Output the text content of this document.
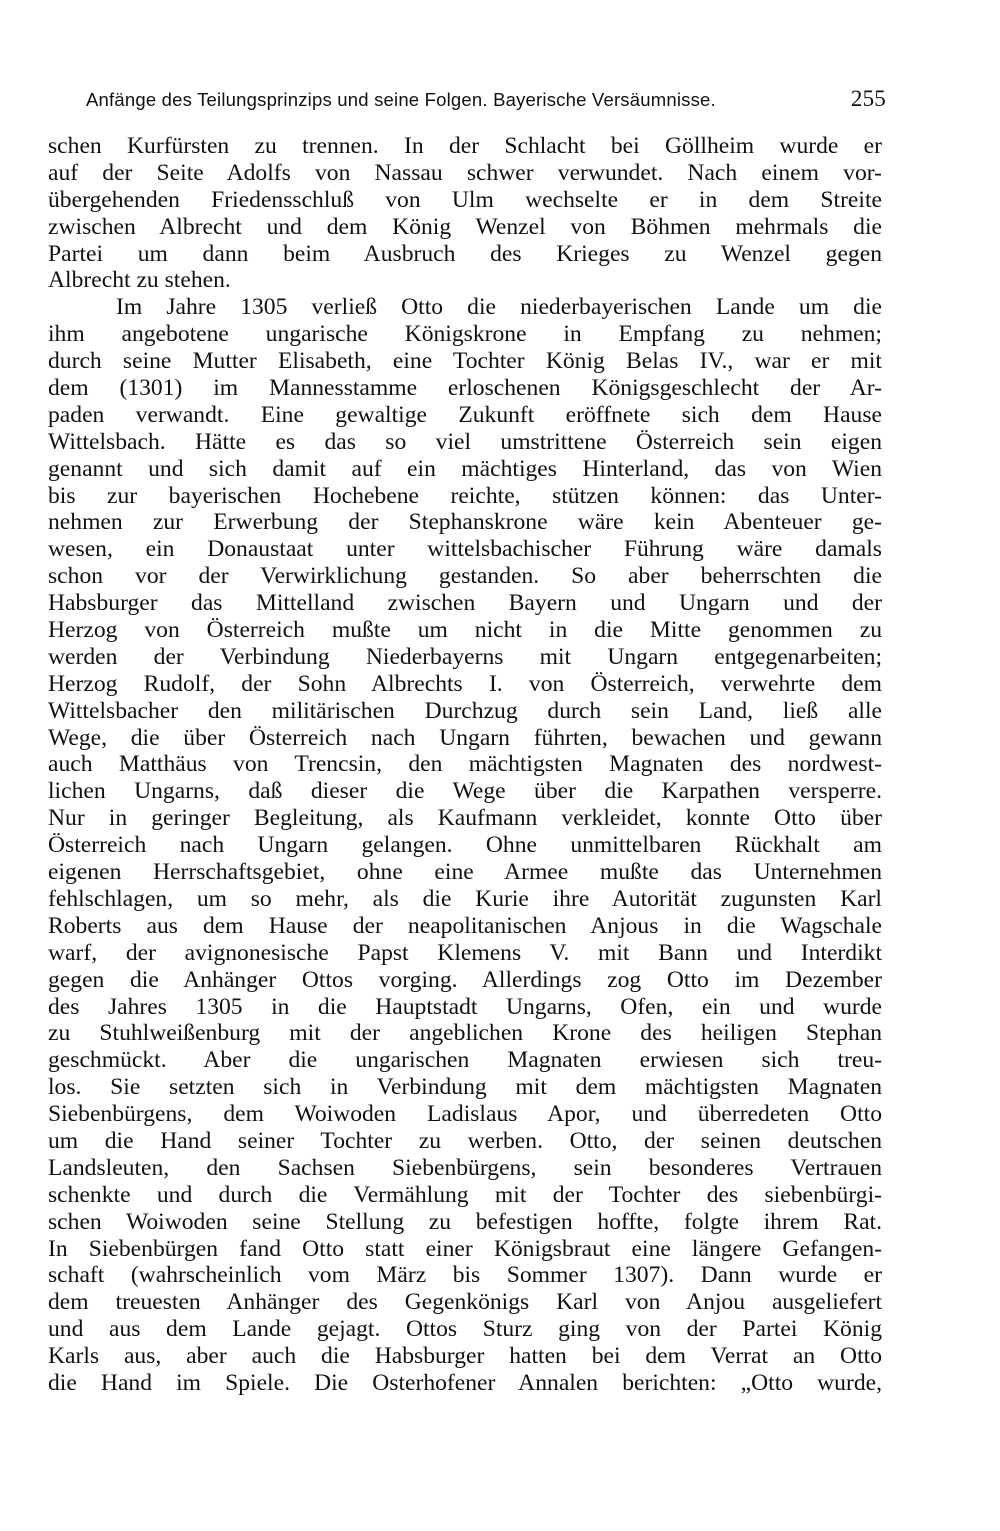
Anfänge des Teilungsprinzips und seine Folgen. Bayerische Versäumnisse.	255
schen Kurfürsten zu trennen. In der Schlacht bei Göllheim wurde er
auf der Seite Adolfs von Nassau schwer verwundet. Nach einem vor-
übergehenden Friedensschluß von Ulm wechselte er in dem Streite
zwischen Albrecht und dem König Wenzel von Böhmen mehrmals die
Partei um dann beim Ausbruch des Krieges zu Wenzel gegen
Albrecht zu stehen.
Im Jahre 1305 verließ Otto die niederbayerischen Lande um die
ihm angebotene ungarische Königskrone in Empfang zu nehmen;
durch seine Mutter Elisabeth, eine Tochter König Belas IV., war er mit
dem (1301) im Mannesstamme erloschenen Königsgeschlecht der Ar-
paden verwandt. Eine gewaltige Zukunft eröffnete sich dem Hause
Wittelsbach. Hätte es das so viel umstrittene Österreich sein eigen
genannt und sich damit auf ein mächtiges Hinterland, das von Wien
bis zur bayerischen Hochebene reichte, stützen können: das Unter-
nehmen zur Erwerbung der Stephanskrone wäre kein Abenteuer ge-
wesen, ein Donaustaat unter wittelsbachischer Führung wäre damals
schon vor der Verwirklichung gestanden. So aber beherrschten die
Habsburger das Mittelland zwischen Bayern und Ungarn und der
Herzog von Österreich mußte um nicht in die Mitte genommen zu
werden der Verbindung Niederbayerns mit Ungarn entgegenarbeiten;
Herzog Rudolf, der Sohn Albrechts I. von Österreich, verwehrte dem
Wittelsbacher den militärischen Durchzug durch sein Land, ließ alle
Wege, die über Österreich nach Ungarn führten, bewachen und gewann
auch Matthäus von Trencsin, den mächtigsten Magnaten des nordwest-
lichen Ungarns, daß dieser die Wege über die Karpathen versperre.
Nur in geringer Begleitung, als Kaufmann verkleidet, konnte Otto über
Österreich nach Ungarn gelangen. Ohne unmittelbaren Rückhalt am
eigenen Herrschaftsgebiet, ohne eine Armee mußte das Unternehmen
fehlschlagen, um so mehr, als die Kurie ihre Autorität zugunsten Karl
Roberts aus dem Hause der neapolitanischen Anjous in die Wagschale
warf, der avignonesische Papst Klemens V. mit Bann und Interdikt
gegen die Anhänger Ottos vorging. Allerdings zog Otto im Dezember
des Jahres 1305 in die Hauptstadt Ungarns, Ofen, ein und wurde
zu Stuhlweißenburg mit der angeblichen Krone des heiligen Stephan
geschmückt. Aber die ungarischen Magnaten erwiesen sich treu-
los. Sie setzten sich in Verbindung mit dem mächtigsten Magnaten
Siebenbürgens, dem Woiwoden Ladislaus Apor, und überredeten Otto
um die Hand seiner Tochter zu werben. Otto, der seinen deutschen
Landsleuten, den Sachsen Siebenbürgens, sein besonderes Vertrauen
schenkte und durch die Vermählung mit der Tochter des siebenbürgi-
schen Woiwoden seine Stellung zu befestigen hoffte, folgte ihrem Rat.
In Siebenbürgen fand Otto statt einer Königsbraut eine längere Gefangen-
schaft (wahrscheinlich vom März bis Sommer 1307). Dann wurde er
dem treuesten Anhänger des Gegenkönigs Karl von Anjou ausgeliefert
und aus dem Lande gejagt. Ottos Sturz ging von der Partei König
Karls aus, aber auch die Habsburger hatten bei dem Verrat an Otto
die Hand im Spiele. Die Osterhofener Annalen berichten: „Otto wurde,
